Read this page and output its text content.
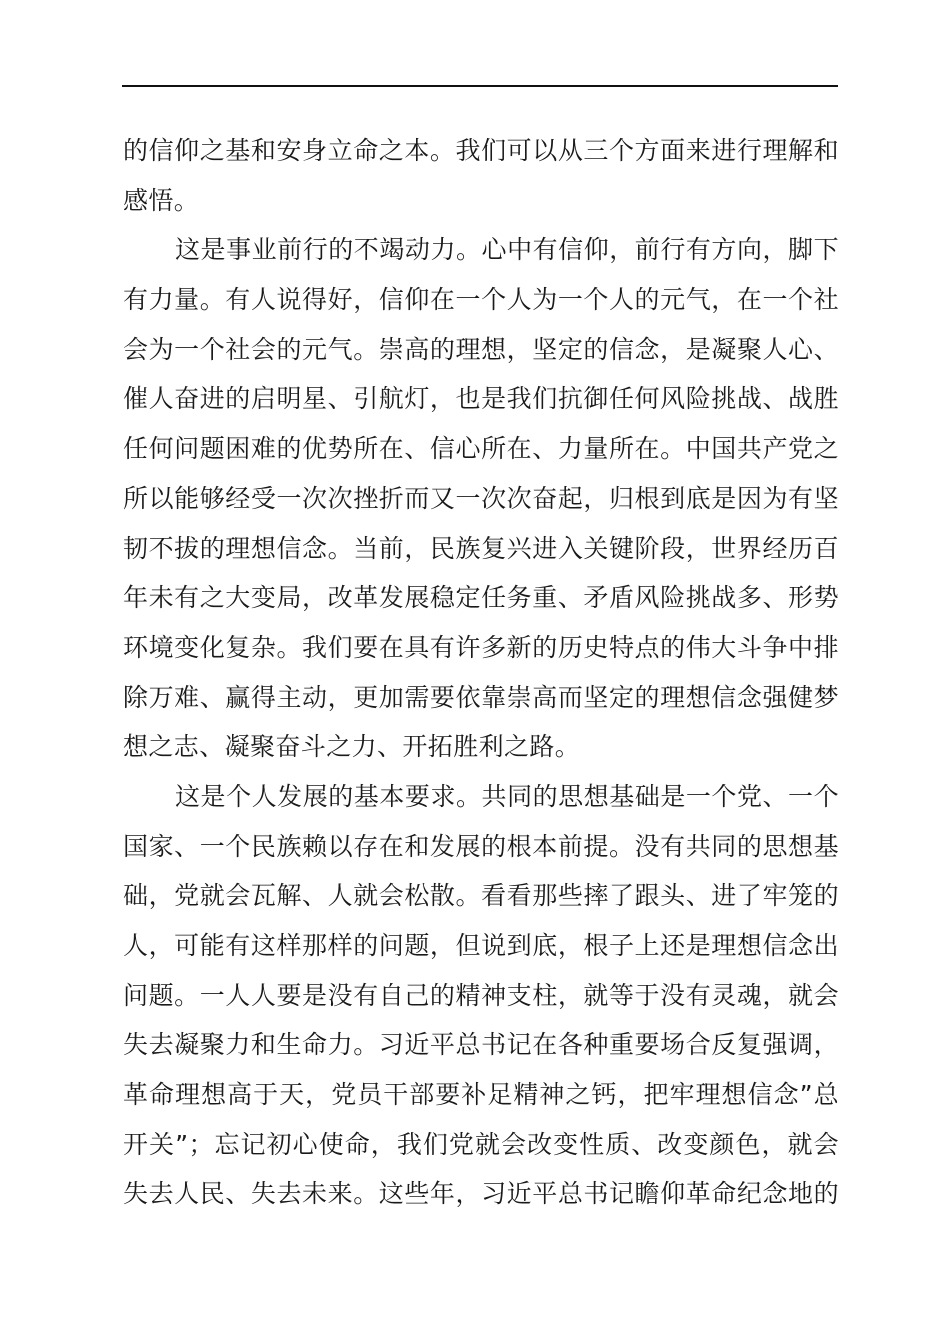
的信仰之基和安身立命之本。我们可以从三个方面来进行理解和
感悟。
这是事业前行的不竭动力。心中有信仰，前行有方向，脚下
有力量。有人说得好，信仰在一个人为一个人的元气，在一个社
会为一个社会的元气。崇高的理想，坚定的信念，是凝聚人心、
催人奋进的启明星、引航灯，也是我们抗御任何风险挑战、战胜
任何问题困难的优势所在、信心所在、力量所在。中国共产党之
所以能够经受一次次挫折而又一次次奋起，归根到底是因为有坚
韧不拔的理想信念。当前，民族复兴进入关键阶段，世界经历百
年未有之大变局，改革发展稳定任务重、矛盾风险挑战多、形势
环境变化复杂。我们要在具有许多新的历史特点的伟大斗争中排
除万难、赢得主动，更加需要依靠崇高而坚定的理想信念强健梦
想之志、凝聚奋斗之力、开拓胜利之路。
这是个人发展的基本要求。共同的思想基础是一个党、一个
国家、一个民族赖以存在和发展的根本前提。没有共同的思想基
础，党就会瓦解、人就会松散。看看那些摔了跟头、进了牢笼的
人，可能有这样那样的问题，但说到底，根子上还是理想信念出
问题。一人人要是没有自己的精神支柱，就等于没有灵魂，就会
失去凝聚力和生命力。习近平总书记在各种重要场合反复强调，
革命理想高于天，党员干部要补足精神之钙，把牢理想信念”总
开关”；忘记初心使命，我们党就会改变性质、改变颜色，就会
失去人民、失去未来。这些年，习近平总书记瞻仰革命纪念地的
